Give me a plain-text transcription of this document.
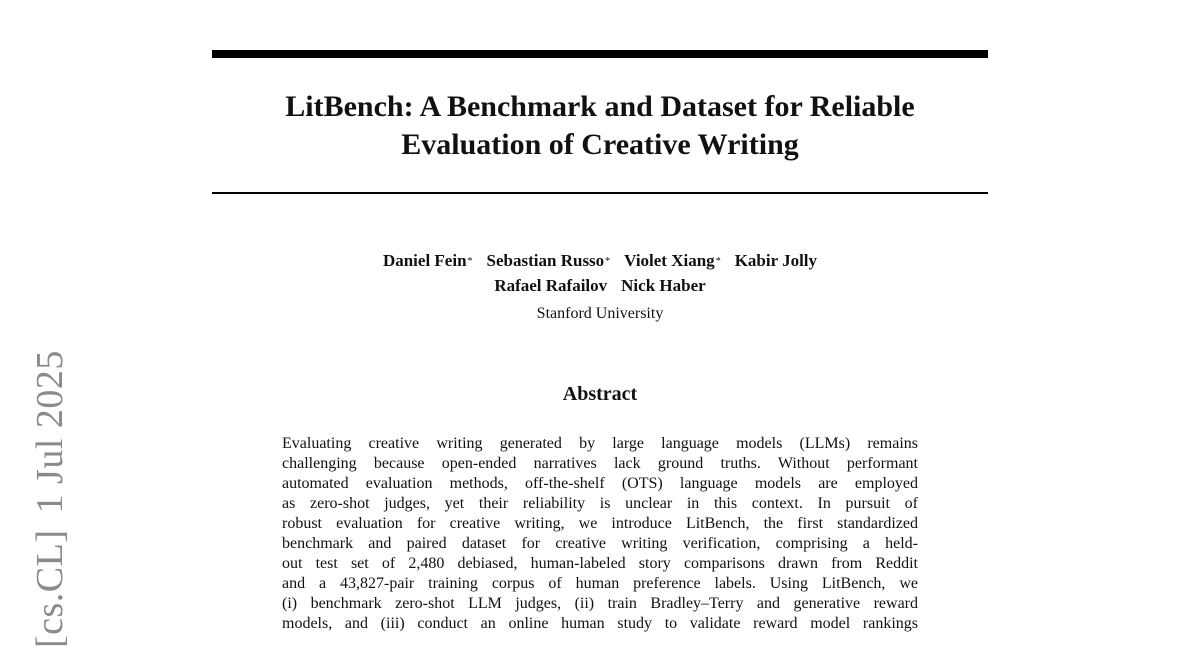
[cs.CL]
1 Jul 2025
LitBench: A Benchmark and Dataset for Reliable
Evaluation of Creative Writing
Daniel Fein* Sebastian Russo* Violet Xiang* Kabir Jolly
Rafael Rafailov Nick Haber
Stanford University
Abstract
Evaluating creative writing generated by large language models (LLMs) remains
challenging because open-ended narratives lack ground truths. Without performant
automated evaluation methods, off-the-shelf (OTS) language models are employed
as zero-shot judges, yet their reliability is unclear in this context. In pursuit of
robust evaluation for creative writing, we introduce LitBench, the first standardized
benchmark and paired dataset for creative writing verification, comprising a held-
out test set of 2,480 debiased, human-labeled story comparisons drawn from Reddit
and a 43,827-pair training corpus of human preference labels. Using LitBench, we
(i) benchmark zero-shot LLM judges, (ii) train Bradley–Terry and generative reward
models, and (iii) conduct an online human study to validate reward model rankings
